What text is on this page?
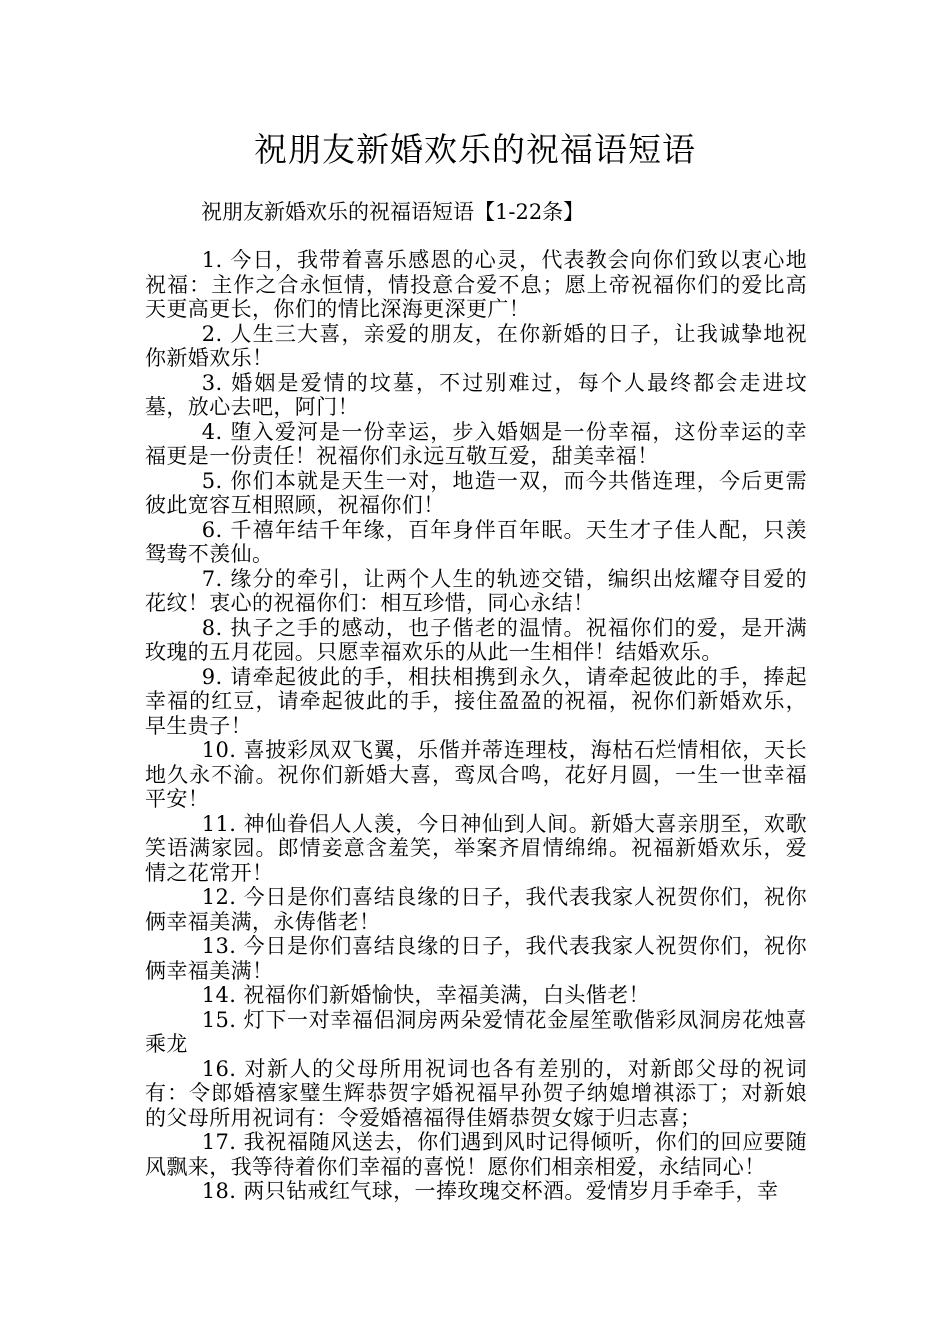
祝朋友新婚欢乐的祝福语短语

祝朋友新婚欢乐的祝福语短语【1-22条】

1. 今日，我带着喜乐感恩的心灵，代表教会向你们致以衷心地祝福：主作之合永恒情，情投意合爱不息；愿上帝祝福你们的爱比高天更高更长，你们的情比深海更深更广！

2. 人生三大喜，亲爱的朋友，在你新婚的日子，让我诚挚地祝你新婚欢乐！

3. 婚姻是爱情的坟墓，不过别难过，每个人最终都会走进坟墓，放心去吧，阿门！

4. 堕入爱河是一份幸运，步入婚姻是一份幸福，这份幸运的幸福更是一份责任！祝福你们永远互敬互爱，甜美幸福！

5. 你们本就是天生一对，地造一双，而今共偕连理，今后更需彼此宽容互相照顾，祝福你们！

6. 千禧年结千年缘，百年身伴百年眠。天生才子佳人配，只羡鸳鸯不羡仙。

7. 缘分的牵引，让两个人生的轨迹交错，编织出炫耀夺目爱的花纹！衷心的祝福你们：相互珍惜，同心永结！

8. 执子之手的感动，也子偕老的温情。祝福你们的爱，是开满玫瑰的五月花园。只愿幸福欢乐的从此一生相伴！结婚欢乐。

9. 请牵起彼此的手，相扶相携到永久，请牵起彼此的手，捧起幸福的红豆，请牵起彼此的手，接住盈盈的祝福，祝你们新婚欢乐，早生贵子！

10. 喜披彩凤双飞翼，乐偕并蒂连理枝，海枯石烂情相依，天长地久永不渝。祝你们新婚大喜，鸾凤合鸣，花好月圆，一生一世幸福平安！

11. 神仙眷侣人人羡，今日神仙到人间。新婚大喜亲朋至，欢歌笑语满家园。郎情妾意含羞笑，举案齐眉情绵绵。祝福新婚欢乐，爱情之花常开！

12. 今日是你们喜结良缘的日子，我代表我家人祝贺你们，祝你俩幸福美满，永俦偕老！

13. 今日是你们喜结良缘的日子，我代表我家人祝贺你们，祝你俩幸福美满！

14. 祝福你们新婚愉快，幸福美满，白头偕老！

15. 灯下一对幸福侣洞房两朵爱情花金屋笙歌偕彩凤洞房花烛喜乘龙

16. 对新人的父母所用祝词也各有差别的，对新郎父母的祝词有：令郎婚禧家璧生辉恭贺字婚祝福早孙贺子纳媳增祺添丁；对新娘的父母所用祝词有：令爱婚禧福得佳婿恭贺女嫁于归志喜；

17. 我祝福随风送去，你们遇到风时记得倾听，你们的回应要随风飘来，我等待着你们幸福的喜悦！愿你们相亲相爱，永结同心！

18. 两只钻戒红气球，一捧玫瑰交杯酒。爱情岁月手牵手，幸
